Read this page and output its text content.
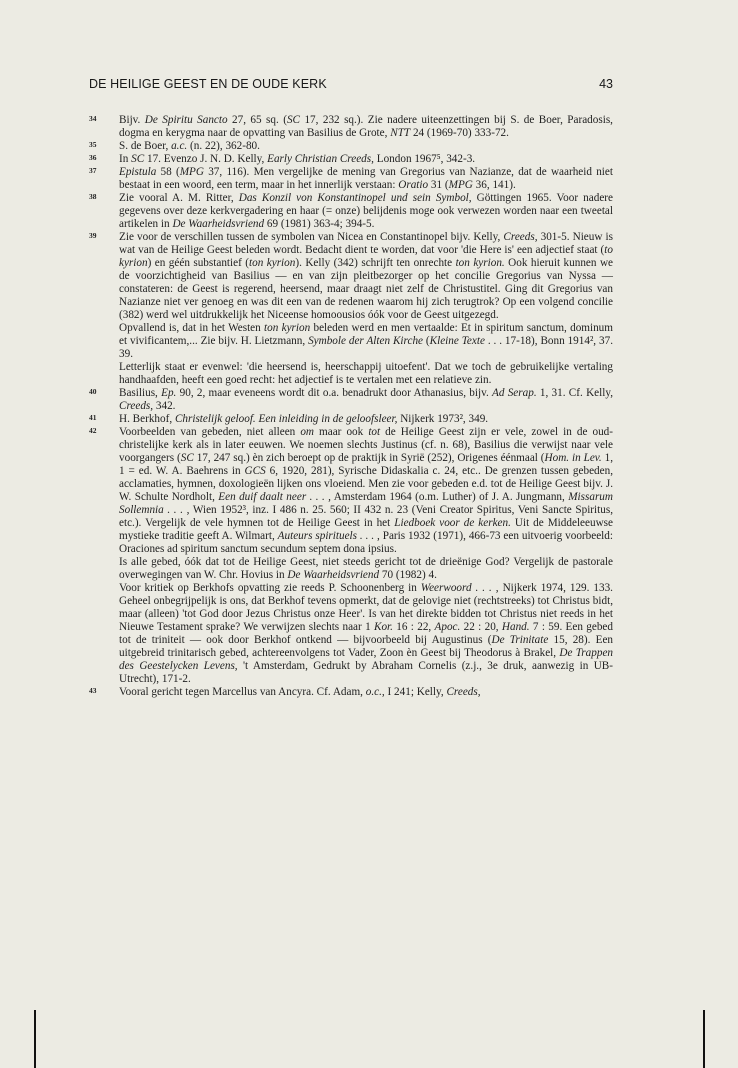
DE HEILIGE GEEST EN DE OUDE KERK	43
34	Bijv. De Spiritu Sancto 27, 65 sq. (SC 17, 232 sq.). Zie nadere uiteenzettingen bij S. de Boer, Paradosis, dogma en kerygma naar de opvatting van Basilius de Grote, NTT 24 (1969-70) 333-72.

35	S. de Boer, a.c. (n. 22), 362-80.

36	In SC 17. Evenzo J. N. D. Kelly, Early Christian Creeds, London 1967⁵, 342-3.

37	Epistula 58 (MPG 37, 116). Men vergelijke de mening van Gregorius van Nazianze, dat de waarheid niet bestaat in een woord, een term, maar in het innerlijk verstaan: Oratio 31 (MPG 36, 141).

38	Zie vooral A. M. Ritter, Das Konzil von Konstantinopel und sein Symbol, Göttingen 1965. Voor nadere gegevens over deze kerkvergadering en haar (= onze) belijdenis moge ook verwezen worden naar een tweetal artikelen in De Waarheidsvriend 69 (1981) 363-4; 394-5.

39	Zie voor de verschillen tussen de symbolen van Nicea en Constantinopel bijv. Kelly, Creeds, 301-5. Nieuw is wat van de Heilige Geest beleden wordt. Bedacht dient te worden, dat voor 'die Here is' een adjectief staat (to kyrion) en géén substantief (ton kyrion). Kelly (342) schrijft ten onrechte ton kyrion. Ook hieruit kunnen we de voorzichtigheid van Basilius — en van zijn pleitbezorger op het concilie Gregorius van Nyssa — constateren: de Geest is regerend, heersend, maar draagt niet zelf de Christustitel. Ging dit Gregorius van Nazianze niet ver genoeg en was dit een van de redenen waarom hij zich terugtrok? Op een volgend concilie (382) werd wel uitdrukkelijk het Niceense homoousios óók voor de Geest uitgezegd.

Opvallend is, dat in het Westen ton kyrion beleden werd en men vertaalde: Et in spiritum sanctum, dominum et vivificantem,... Zie bijv. H. Lietzmann, Symbole der Alten Kirche (Kleine Texte . . . 17-18), Bonn 1914², 37. 39.

Letterlijk staat er evenwel: 'die heersend is, heerschappij uitoefent'. Dat we toch de gebruikelijke vertaling handhaafden, heeft een goed recht: het adjectief is te vertalen met een relatieve zin.

40	Basilius, Ep. 90, 2, maar eveneens wordt dit o.a. benadrukt door Athanasius, bijv. Ad Serap. 1, 31. Cf. Kelly, Creeds, 342.

41	H. Berkhof, Christelijk geloof. Een inleiding in de geloofsleer, Nijkerk 1973², 349.

42	Voorbeelden van gebeden, niet alleen om maar ook tot de Heilige Geest zijn er vele, zowel in de oud-christelijke kerk als in later eeuwen. We noemen slechts Justinus (cf. n. 68), Basilius die verwijst naar vele voorgangers (SC 17, 247 sq.) èn zich beroept op de praktijk in Syrië (252), Origenes éénmaal (Hom. in Lev. 1, 1 = ed. W. A. Baehrens in GCS 6, 1920, 281), Syrische Didaskalia c. 24, etc.. De grenzen tussen gebeden, acclamaties, hymnen, doxologieën lijken ons vloeiend. Men zie voor gebeden e.d. tot de Heilige Geest bijv. J. W. Schulte Nordholt, Een duif daalt neer . . . , Amsterdam 1964 (o.m. Luther) of J. A. Jungmann, Missarum Sollemnia . . . , Wien 1952³, inz. I 486 n. 25. 560; II 432 n. 23 (Veni Creator Spiritus, Veni Sancte Spiritus, etc.). Vergelijk de vele hymnen tot de Heilige Geest in het Liedboek voor de kerken. Uit de Middeleeuwse mystieke traditie geeft A. Wilmart, Auteurs spirituels . . . , Paris 1932 (1971), 466-73 een uitvoerig voorbeeld: Oraciones ad spiritum sanctum secundum septem dona ipsius.

Is alle gebed, óók dat tot de Heilige Geest, niet steeds gericht tot de drieënige God? Vergelijk de pastorale overwegingen van W. Chr. Hovius in De Waarheidsvriend 70 (1982) 4.

Voor kritiek op Berkhofs opvatting zie reeds P. Schoonenberg in Weerwoord . . . , Nijkerk 1974, 129. 133. Geheel onbegrijpelijk is ons, dat Berkhof tevens opmerkt, dat de gelovige niet (rechtstreeks) tot Christus bidt, maar (alleen) 'tot God door Jezus Christus onze Heer'. Is van het direkte bidden tot Christus niet reeds in het Nieuwe Testament sprake? We verwijzen slechts naar 1 Kor. 16 : 22, Apoc. 22 : 20, Hand. 7 : 59. Een gebed tot de triniteit — ook door Berkhof ontkend — bijvoorbeeld bij Augustinus (De Trinitate 15, 28). Een uitgebreid trinitarisch gebed, achtereenvolgens tot Vader, Zoon èn Geest bij Theodorus à Brakel, De Trappen des Geestelycken Levens, 't Amsterdam, Gedrukt by Abraham Cornelis (z.j., 3e druk, aanwezig in UB-Utrecht), 171-2.

43	Vooral gericht tegen Marcellus van Ancyra. Cf. Adam, o.c., I 241; Kelly, Creeds,
